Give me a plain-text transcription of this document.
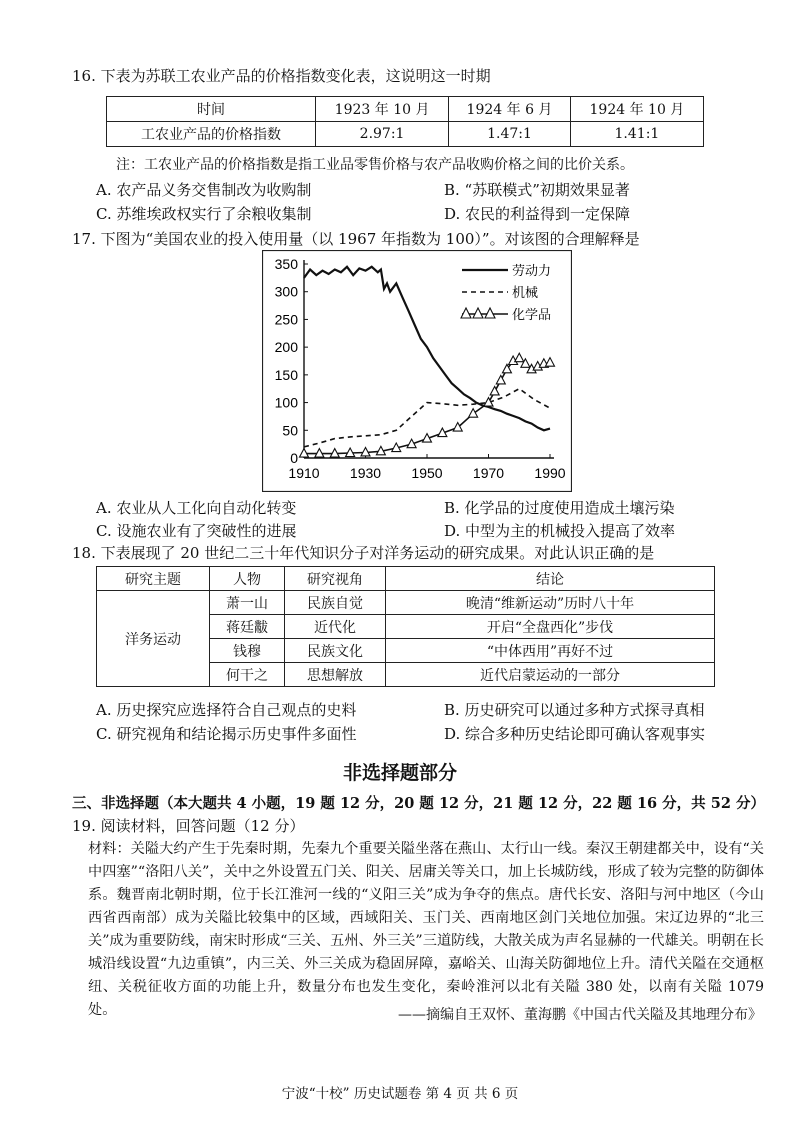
16. 下表为苏联工农业产品的价格指数变化表，这说明这一时期
时间	1923 年 10 月	1924 年 6 月	1924 年 10 月
工农业产品的价格指数	2.97:1	1.47:1	1.41:1
注：工农业产品的价格指数是指工业品零售价格与农产品收购价格之间的比价关系。
A. 农产品义务交售制改为收购制	B. “苏联模式”初期效果显著
C. 苏维埃政权实行了余粮收集制	D. 农民的利益得到一定保障
17. 下图为“美国农业的投入使用量（以 1967 年指数为 100）”。对该图的合理解释是
0
50
100
150
200
250
300
350
1910 1930 1950 1970 1990
劳动力
机械
化学品
A. 农业从人工化向自动化转变	B. 化学品的过度使用造成土壤污染
C. 设施农业有了突破性的进展	D. 中型为主的机械投入提高了效率
18. 下表展现了 20 世纪二三十年代知识分子对洋务运动的研究成果。对此认识正确的是
研究主题	人物	研究视角	结论
洋务运动	萧一山	民族自觉	晚清“维新运动”历时八十年
	蒋廷黻	近代化	开启“全盘西化”步伐
	钱穆	民族文化	“中体西用”再好不过
	何干之	思想解放	近代启蒙运动的一部分
A. 历史探究应选择符合自己观点的史料	B. 历史研究可以通过多种方式探寻真相
C. 研究视角和结论揭示历史事件多面性	D. 综合多种历史结论即可确认客观事实
非选择题部分
三、非选择题（本大题共 4 小题，19 题 12 分，20 题 12 分，21 题 12 分，22 题 16 分，共 52 分）
19. 阅读材料，回答问题（12 分）
材料：关隘大约产生于先秦时期，先秦九个重要关隘坐落在燕山、太行山一线。秦汉王朝建都关中，设有“关中四塞”“洛阳八关”，关中之外设置五门关、阳关、居庸关等关口，加上长城防线，形成了较为完整的防御体系。魏晋南北朝时期，位于长江淮河一线的“义阳三关”成为争夺的焦点。唐代长安、洛阳与河中地区（今山西省西南部）成为关隘比较集中的区域，西域阳关、玉门关、西南地区剑门关地位加强。宋辽边界的“北三关”成为重要防线，南宋时形成“三关、五州、外三关”三道防线，大散关成为声名显赫的一代雄关。明朝在长城沿线设置“九边重镇”，内三关、外三关成为稳固屏障，嘉峪关、山海关防御地位上升。清代关隘在交通枢纽、关税征收方面的功能上升，数量分布也发生变化，秦岭淮河以北有关隘 380 处，以南有关隘 1079 处。	——摘编自王双怀、董海鹏《中国古代关隘及其地理分布》
宁波“十校” 历史试题卷 第 4 页 共 6 页
